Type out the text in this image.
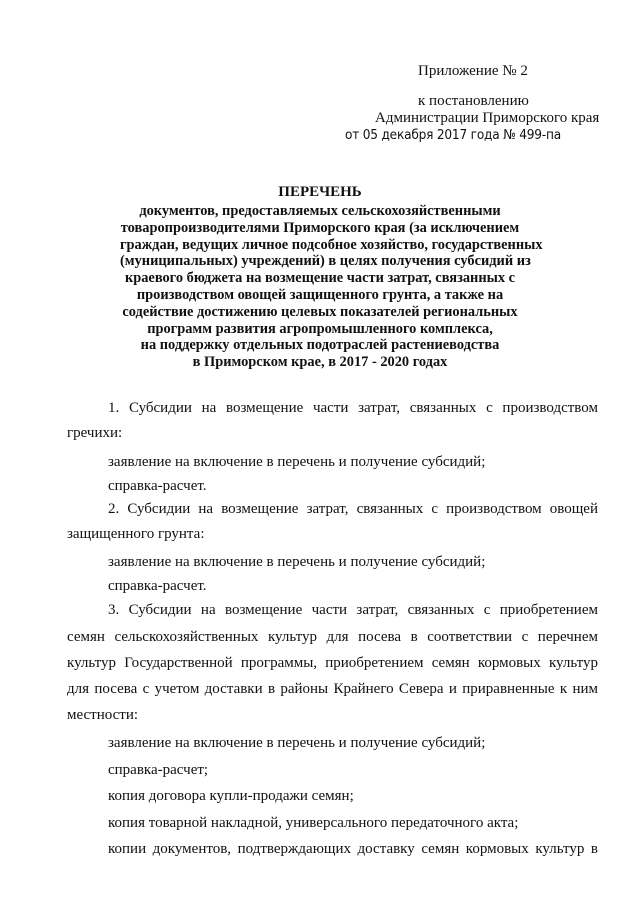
Приложение № 2
к постановлению
Администрации Приморского края
от 05 декабря 2017 года № 499-па
ПЕРЕЧЕНЬ
документов, предоставляемых сельскохозяйственными
товаропроизводителями Приморского края (за исключением
граждан, ведущих личное подсобное хозяйство, государственных
(муниципальных) учреждений) в целях получения субсидий из
краевого бюджета на возмещение части затрат, связанных с
производством овощей защищенного грунта, а также на
содействие достижению целевых показателей региональных
программ развития агропромышленного комплекса,
на поддержку отдельных подотраслей растениеводства
в Приморском крае, в 2017 - 2020 годах
1. Субсидии на возмещение части затрат, связанных с производством
гречихи:
заявление на включение в перечень и получение субсидий;
справка-расчет.
2. Субсидии на возмещение затрат, связанных с производством овощей
защищенного грунта:
заявление на включение в перечень и получение субсидий;
справка-расчет.
3. Субсидии на возмещение части затрат, связанных с приобретением
семян сельскохозяйственных культур для посева в соответствии с перечнем
культур Государственной программы, приобретением семян кормовых культур
для посева с учетом доставки в районы Крайнего Севера и приравненные к ним
местности:
заявление на включение в перечень и получение субсидий;
справка-расчет;
копия договора купли-продажи семян;
копия товарной накладной, универсального передаточного акта;
копии документов, подтверждающих доставку семян кормовых культур в
